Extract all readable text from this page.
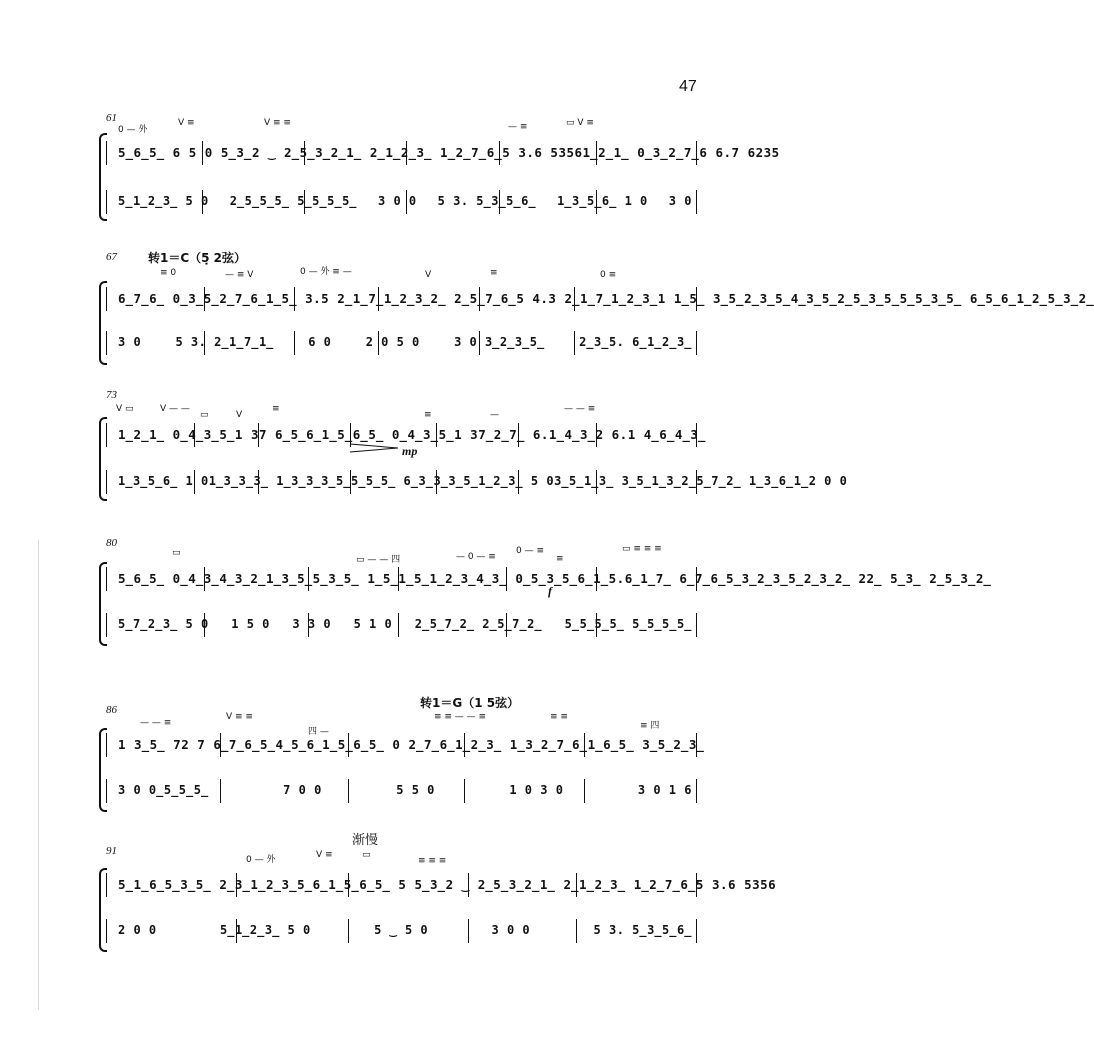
47
61
0 — 外
V ≡	V ≡ ≡	— ≡	▭ V ≡
5̲6̲5̲ 6 5 0 5̲3̲ 2 ‿ 2̲5̲3̲2̲ 1̲ 2̲1̲2̲3̲ 1̲2̲7̲6̲ 5 3.6 5356 1̲2̲1̲ 0̲3̲2̲7̲ 6 6.7 6235
5̲1̲2̲3̲ 5 0 2̲5̲5̲5̲ 5̲5̲5̲5̲ 3 0 0 5 3. 5̲3̲5̲6̲ 1̲3̲5̲6̲ 1 0 3 0
67	转1＝C（5̣ 2弦）
≡ 0	— ≡ V	0 — 外 ≡ —	V	≡	0 ≡
6̲7̲6̲ 0̲3̲5̲2̲7̲6̲1̲ 5̲ 3.5 2̲1̲7̲1̲ 2̲3̲2̲ 2̲5̲7̲6̲ 5 4.3 2̲1̲7̲1̲2̲3̲ 1 1̲5̲ 3̲5̲2̲3̲5̲4̲3̲5̲ 2̲5̲3̲5̲5̲5̲3̲5̲ 6̲5̲6̲1̲2̲5̲3̲2̲
3 0	5 3. 2̲1̲7̲1̲	6 0	2 0 5 0	3 0 3̲2̲3̲5̲	2̲3̲5. 6̲1̲2̲3̲
73
V ▭	V — —
▭	V
≡
≡	—
— — ≡
mp
1̲2̲1̲ 0̲4̲3̲5̲ 1 3 7 6̲5̲6̲1̲ 5̲6̲5̲ 0̲4̲3̲5̲ 1 3 7̲2̲7̲ 6.1̲4̲3̲ 2 6.1 4̲6̲4̲3̲
1̲3̲5̲6̲ 1 0 1̲3̲3̲3̲ 1̲3̲3̲3̲ 5̲5̲5̲5̲ 6̲3̲3̲3̲ 5̲1̲2̲3̲ 5 0 3̲5̲1̲3̲ 3̲5̲1̲3̲ 2̲5̲7̲2̲ 1̲3̲6̲1̲ 2 0 0
80
▭
▭ — — 四	— 0 — ≡
0 — ≡
≡
▭ ≡ ≡ ≡
f
5̲6̲5̲ 0̲4̲3̲4̲3̲2̲ 1̲3̲5̲5̲3̲5̲ 1̲5̲1̲5̲1̲2̲ 3̲4̲3̲ 0̲5̲3̲5̲6̲1̲ 5.6̲1̲7̲ 6̲7̲6̲5̲3̲2̲3̲5̲ 2̲3̲2̲ 2 2̲ 5̲3̲ 2̲5̲3̲2̲
5̲7̲2̲3̲ 5 0 1 5 0 3 3 0 5 1 0 2̲5̲7̲2̲ 2̲5̲7̲2̲ 5̲5̲5̲5̲ 5̲5̲5̲5̲
86	转1＝G（1 5弦）
— — ≡
V ≡ ≡
四 —
≡ ≡ — — ≡	≡ ≡
≡ 四
1 3̲5̲ 7 2 7 6̲7̲6̲5̲4̲5̲6̲1̲ 5̲6̲5̲ 0 2̲7̲ 6̲1̲2̲3̲ 1̲3̲2̲7̲ 6̲1̲6̲5̲ 3̲5̲2̲3̲
3 0 0̲5̲5̲5̲	7 0 0	5 5 0	1 0 3 0	3 0 1 6
91
渐慢
0 — 外	V ≡	▭
≡ ≡ ≡
5̲1̲6̲5̲3̲5̲ 2̲3̲1̲2̲3̲5̲6̲1̲ 5̲6̲5̲ 5 5̲3̲ 2 ‿ 2̲5̲3̲2̲ 1̲ 2̲1̲2̲3̲ 1̲2̲7̲6̲ 5 3.6 5356
2 0 0	5̲1̲2̲3̲ 5 0	5 ‿ 5 0	3 0 0	5 3. 5̲3̲5̲6̲
